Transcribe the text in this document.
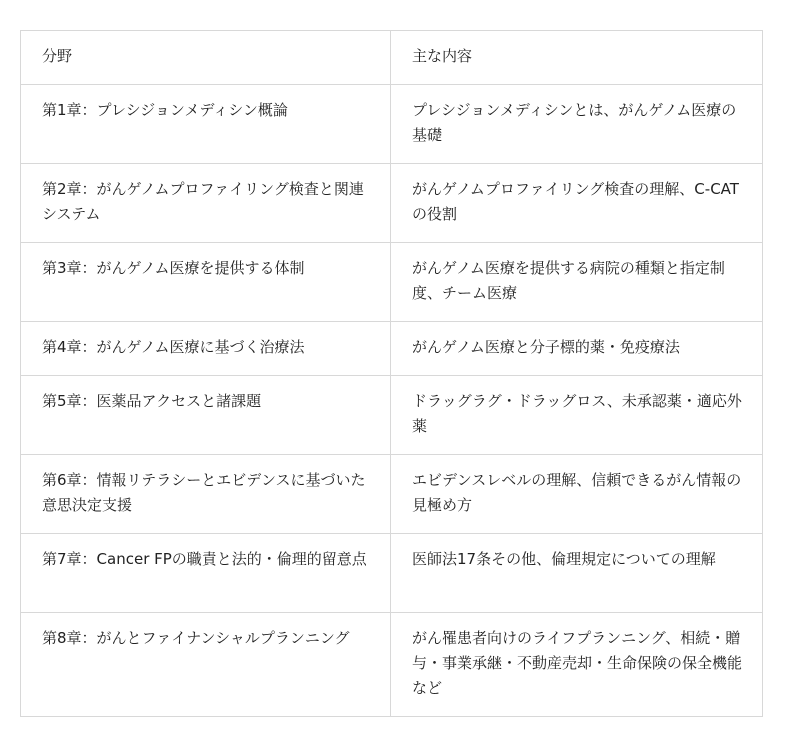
分野	主な内容
第1章：プレシジョンメディシン概論	プレシジョンメディシンとは、がんゲノム医療の基礎
第2章：がんゲノムプロファイリング検査と関連システム	がんゲノムプロファイリング検査の理解、C-CATの役割
第3章：がんゲノム医療を提供する体制	がんゲノム医療を提供する病院の種類と指定制度、チーム医療
第4章：がんゲノム医療に基づく治療法	がんゲノム医療と分子標的薬・免疫療法
第5章：医薬品アクセスと諸課題	ドラッグラグ・ドラッグロス、未承認薬・適応外薬
第6章：情報リテラシーとエビデンスに基づいた意思決定支援	エビデンスレベルの理解、信頼できるがん情報の見極め方
第7章：Cancer FPの職責と法的・倫理的留意点	医師法17条その他、倫理規定についての理解
第8章：がんとファイナンシャルプランニング	がん罹患者向けのライフプランニング、相続・贈与・事業承継・不動産売却・生命保険の保全機能など
